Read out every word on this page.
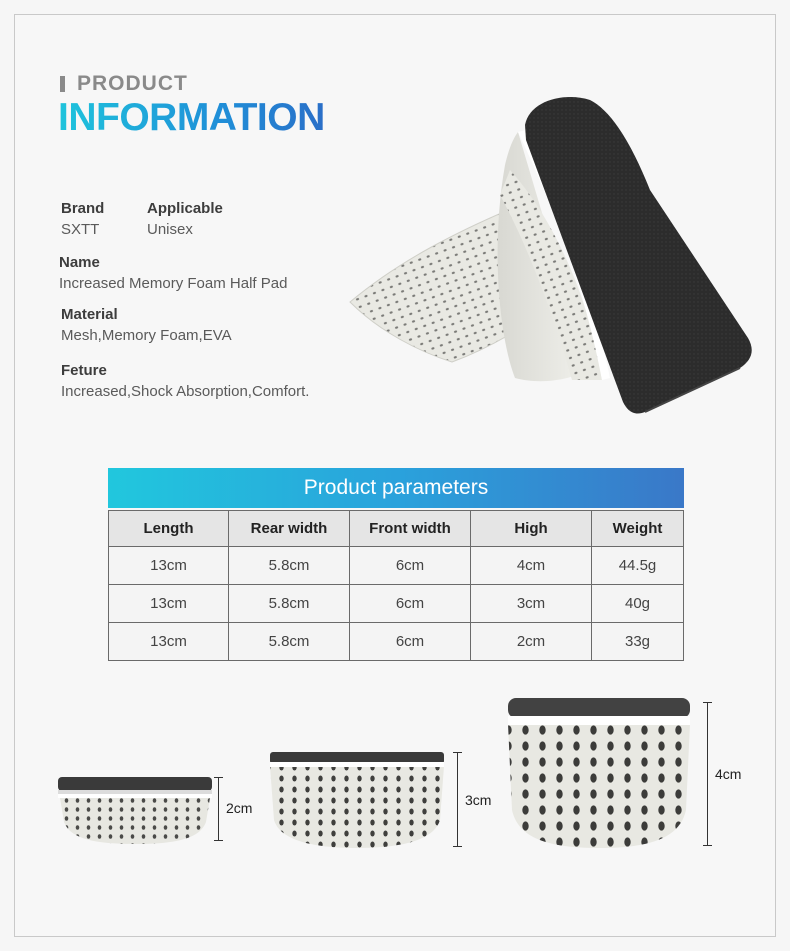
PRODUCT
INFORMATION
Brand
SXTT
Applicable
Unisex
Name
Increased Memory Foam Half Pad
Material
Mesh,Memory Foam,EVA
Feture
Increased,Shock Absorption,Comfort.
Product parameters
Length	Rear width	Front width	High	Weight
13cm	5.8cm	6cm	4cm	44.5g
13cm	5.8cm	6cm	3cm	40g
13cm	5.8cm	6cm	2cm	33g
2cm	3cm
4cm
